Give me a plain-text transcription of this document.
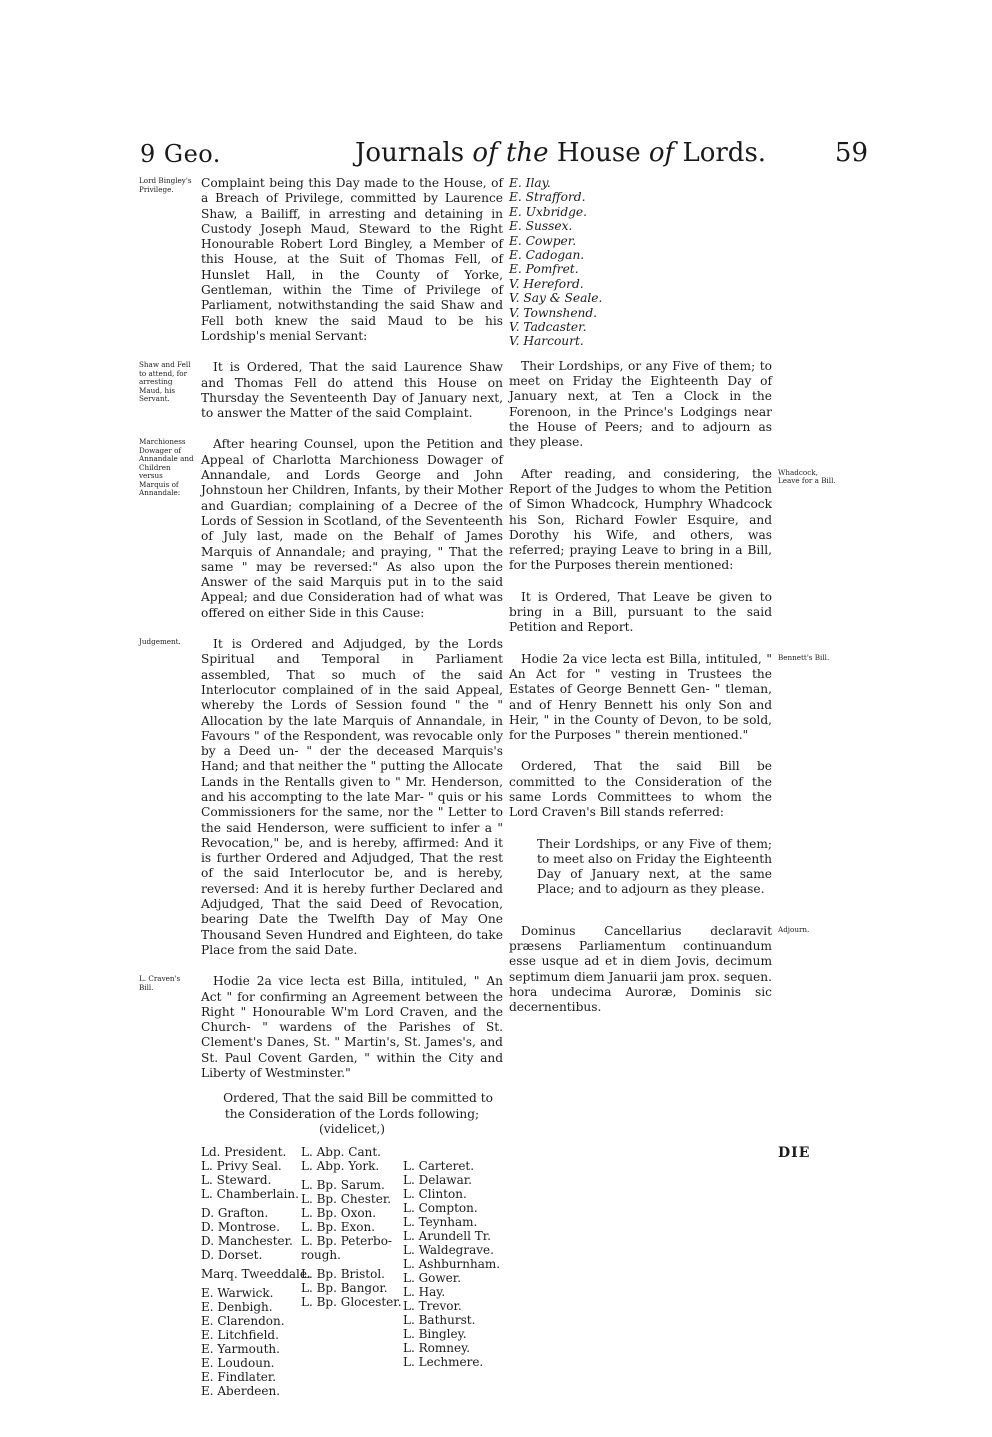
9 Geo.	Journals of the House of Lords.	59

Lord Bingley's Privilege.	Complaint being this Day made to the House, of a Breach of Privilege, committed by Laurence Shaw, a Bailiff, in arresting and detaining in Custody Joseph Maud, Steward to the Right Honourable Robert Lord Bingley, a Member of this House, at the Suit of Thomas Fell, of Hunslet Hall, in the County of Yorke, Gentleman, within the Time of Privilege of Parliament, notwithstanding the said Shaw and Fell both knew the said Maud to be his Lordship's menial Servant:

Shaw and Fell to attend, for arresting Maud, his Servant.
It is Ordered, That the said Laurence Shaw and Thomas Fell do attend this House on Thursday the Seventeenth Day of January next, to answer the Matter of the said Complaint.

Marchioness Dowager of Annandale and Children versus Marquis of Annandale:
After hearing Counsel, upon the Petition and Appeal of Charlotta Marchioness Dowager of Annandale, and Lords George and John Johnstoun her Children, Infants, by their Mother and Guardian; complaining of a Decree of the Lords of Session in Scotland, of the Seventeenth of July last, made on the Behalf of James Marquis of Annandale; and praying, " That the same " may be reversed:" As also upon the Answer of the said Marquis put in to the said Appeal; and due Consideration had of what was offered on either Side in this Cause:

Judgement.	It is Ordered and Adjudged, by the Lords Spiritual and Temporal in Parliament assembled, That so much of the said Interlocutor complained of in the said Appeal, whereby the Lords of Session found " the " Allocation by the late Marquis of Annandale, in Favours " of the Respondent, was revocable only by a Deed un- " der the deceased Marquis's Hand; and that neither the " putting the Allocate Lands in the Rentalls given to " Mr. Henderson, and his accompting to the late Mar- " quis or his Commissioners for the same, nor the " Letter to the said Henderson, were sufficient to infer a " Revocation," be, and is hereby, affirmed: And it is further Ordered and Adjudged, That the rest of the said Interlocutor be, and is hereby, reversed: And it is hereby further Declared and Adjudged, That the said Deed of Revocation, bearing Date the Twelfth Day of May One Thousand Seven Hundred and Eighteen, do take Place from the said Date.

L. Craven's Bill.	Hodie 2a vice lecta est Billa, intituled, " An Act " for confirming an Agreement between the Right " Honourable W'm Lord Craven, and the Church- " wardens of the Parishes of St. Clement's Danes, St. " Martin's, St. James's, and St. Paul Covent Garden, " within the City and Liberty of Westminster."

Ordered, That the said Bill be committed to the Consideration of the Lords following; (videlicet,)

Ld. President.
L. Privy Seal.
L. Steward.
L. Chamberlain.
D. Grafton.
D. Montrose.
D. Manchester.
D. Dorset.
Marq. Tweeddale.
E. Warwick.
E. Denbigh.
E. Clarendon.
E. Litchfield.
E. Yarmouth.
E. Loudoun.
E. Findlater.
E. Aberdeen.
L. Abp. Cant.
L. Abp. York.
L. Bp. Sarum.
L. Bp. Chester.
L. Bp. Oxon.
L. Bp. Exon.
L. Bp. Peterbo-
rough.
L. Bp. Bristol.
L. Bp. Bangor.
L. Bp. Glocester.
L. Carteret.
L. Delawar.
L. Clinton.
L. Compton.
L. Teynham.
L. Arundell Tr.
L. Waldegrave.
L. Ashburnham.
L. Gower.
L. Hay.
L. Trevor.
L. Bathurst.
L. Bingley.
L. Romney.
L. Lechmere.
E. Ilay.
E. Strafford.
E. Uxbridge.
E. Sussex.
E. Cowper.
E. Cadogan.
E. Pomfret.
V. Hereford.
V. Say & Seale.
V. Townshend.
V. Tadcaster.
V. Harcourt.

Their Lordships, or any Five of them; to meet on Friday the Eighteenth Day of January next, at Ten a Clock in the Forenoon, in the Prince's Lodgings near the House of Peers; and to adjourn as they please.

Whadcock, Leave for a Bill.
After reading, and considering, the Report of the Judges to whom the Petition of Simon Whadcock, Humphry Whadcock his Son, Richard Fowler Esquire, and Dorothy his Wife, and others, was referred; praying Leave to bring in a Bill, for the Purposes therein mentioned:

It is Ordered, That Leave be given to bring in a Bill, pursuant to the said Petition and Report.

Bennett's Bill.
Hodie 2a vice lecta est Billa, intituled, " An Act for " vesting in Trustees the Estates of George Bennett Gen- " tleman, and of Henry Bennett his only Son and Heir, " in the County of Devon, to be sold, for the Purposes " therein mentioned."

Ordered, That the said Bill be committed to the Consideration of the same Lords Committees to whom the Lord Craven's Bill stands referred:

Their Lordships, or any Five of them; to meet also on Friday the Eighteenth Day of January next, at the same Place; and to adjourn as they please.

Adjourn.
Dominus Cancellarius declaravit præsens Parliamentum continuandum esse usque ad et in diem Jovis, decimum septimum diem Januarii jam prox. sequen. hora undecima Auroræ, Dominis sic decernentibus.

DIE
